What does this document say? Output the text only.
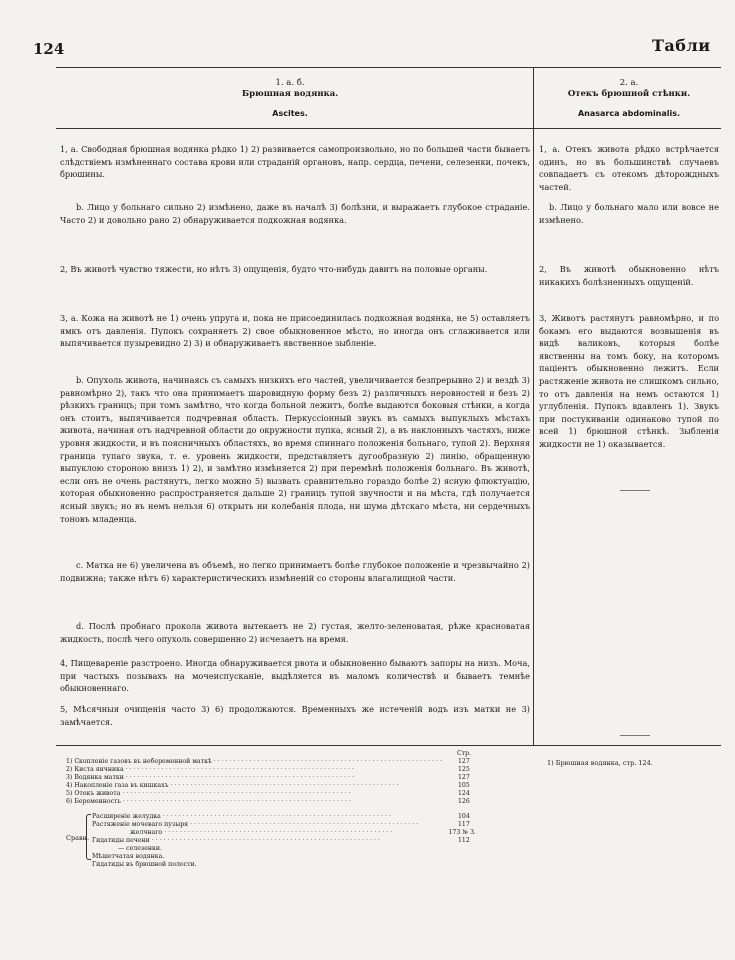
124	Табли
1. а. б.
Брюшная водянка.
Ascites.
2. а.
Отекъ брюшной стѣнки.
Anasarca abdominalis.
1, а. Свободная брюшная водянка рѣдко 1) 2) развивается самопроизвольно, но по большей части бываетъ слѣдствіемъ измѣненнаго состава крови или страданій органовъ, напр. сердца, печени, селезенки, почекъ, брюшины.
b. Лицо у больнаго сильно 2) измѣнено, даже въ началѣ 3) болѣзни, и выражаетъ глубокое страданіе. Часто 2) и довольно рано 2) обнаруживается подкожная водянка.
2, Въ животѣ чувство тяжести, но нѣтъ 3) ощущенія, будто что-нибудь давитъ на половые органы.
3, а. Кожа на животѣ не 1) очень упруга и, пока не присоединилась подкожная водянка, не 5) оставляетъ ямкъ отъ давленія. Пупокъ сохраняетъ 2) свое обыкновенное мѣсто, но иногда онъ сглаживается или выпячивается пузыревидно 2) 3) и обнаруживаетъ явственное зыбленіе.
b. Опухоль живота, начинаясь съ самыхъ низкихъ его частей, увеличивается безпрерывно 2) и вездѣ 3) равномѣрно 2), такъ что она принимаетъ шаровидную форму безъ 2) различныхъ неровностей и безъ 2) рѣзкихъ границъ; при томъ замѣтно, что когда больной лежитъ, болѣе выдаются боковыя стѣнки, а когда онъ стоитъ, выпячивается подчревная область. Перкуссіонный звукъ въ самыхъ выпуклыхъ мѣстахъ живота, начиная отъ надчревной области до окружности пупка, ясный 2), а въ наклонныхъ частяхъ, ниже уровня жидкости, и въ поясничныхъ областяхъ, во время спиннаго положенія больнаго, тупой 2). Верхняя граница тупаго звука, т. е. уровень жидкости, представляетъ дугообразную 2) линію, обращенную выпуклою стороною внизъ 1) 2), и замѣтно измѣняется 2) при перемѣнѣ положенія больнаго. Въ животѣ, если онъ не очень растянутъ, легко можно 5) вызвать сравнительно гораздо болѣе 2) ясную флюктуацію, которая обыкновенно распространяется дальше 2) границъ тупой звучности и на мѣста, гдѣ получается ясный звукъ; но въ немъ нельзя 6) открыть ни колебанія плода, ни шума дѣтскаго мѣста, ни сердечныхъ тоновъ младенца.
c. Матка не 6) увеличена въ объемѣ, но легко принимаетъ болѣе глубокое положеніе и чрезвычайно 2) подвижна; также нѣтъ 6) характеристическихъ измѣненій со стороны влагалищной части.
d. Послѣ пробнаго прокола живота вытекаетъ не 2) густая, желто-зеленоватая, рѣже красноватая жидкость, послѣ чего опухоль совершенно 2) исчезаетъ на время.
4, Пищевареніе разстроено. Иногда обнаруживается рвота и обыкновенно бываютъ запоры на низъ. Моча, при частыхъ позывахъ на мочеиспусканіе, выдѣляется въ маломъ количествѣ и бываетъ темнѣе обыкновеннаго.
5, Мѣсячныя очищенія часто 3) 6) продолжаются. Временныхъ же истеченій водъ изъ матки не 3) замѣчается.
1, а. Отекъ живота рѣдко встрѣчается одинъ, но въ большинствѣ случаевъ совпадаетъ съ отекомъ дѣторождныхъ частей.
b. Лицо у больнаго мало или вовсе не измѣнено.
2, Въ животѣ обыкновенно нѣтъ никакихъ болѣзненныхъ ощущеній.
3, Животъ растянутъ равномѣрно, и по бокамъ его выдаются возвышенія въ видѣ валиковъ, которыя болѣе явственны на томъ боку, на которомъ паціентъ обыкновенно лежитъ. Если растяженіе живота не слишкомъ сильно, то отъ давленія на немъ остаются 1) углубленія. Пупокъ вдавленъ 1). Звукъ при постукиваніи одинаково тупой по всей 1) брюшной стѣнкѣ. Зыбленія жидкости не 1) оказывается.
Стр.
1) Скопленіе газовъ въ небеременной маткѣ ··························································	127
2) Киста яичника ··························································	125
3) Водянка матки ··························································	127
4) Накопленіе газа въ кишкахъ ··························································	105
5) Отекъ живота ··························································	124
6) Беременность ··························································	126
Сравн.
Расширеніе желудка ··························································	104
Растяженіе мочеваго пузыря ··························································	117
желчнаго ··························································	173 № 3.
Гидатиды печени ··························································	112
— селезенки.
Мѣшетчатая водянка.
Гидатиды въ брюшной полости.
1) Брюшная водянка, стр. 124.
